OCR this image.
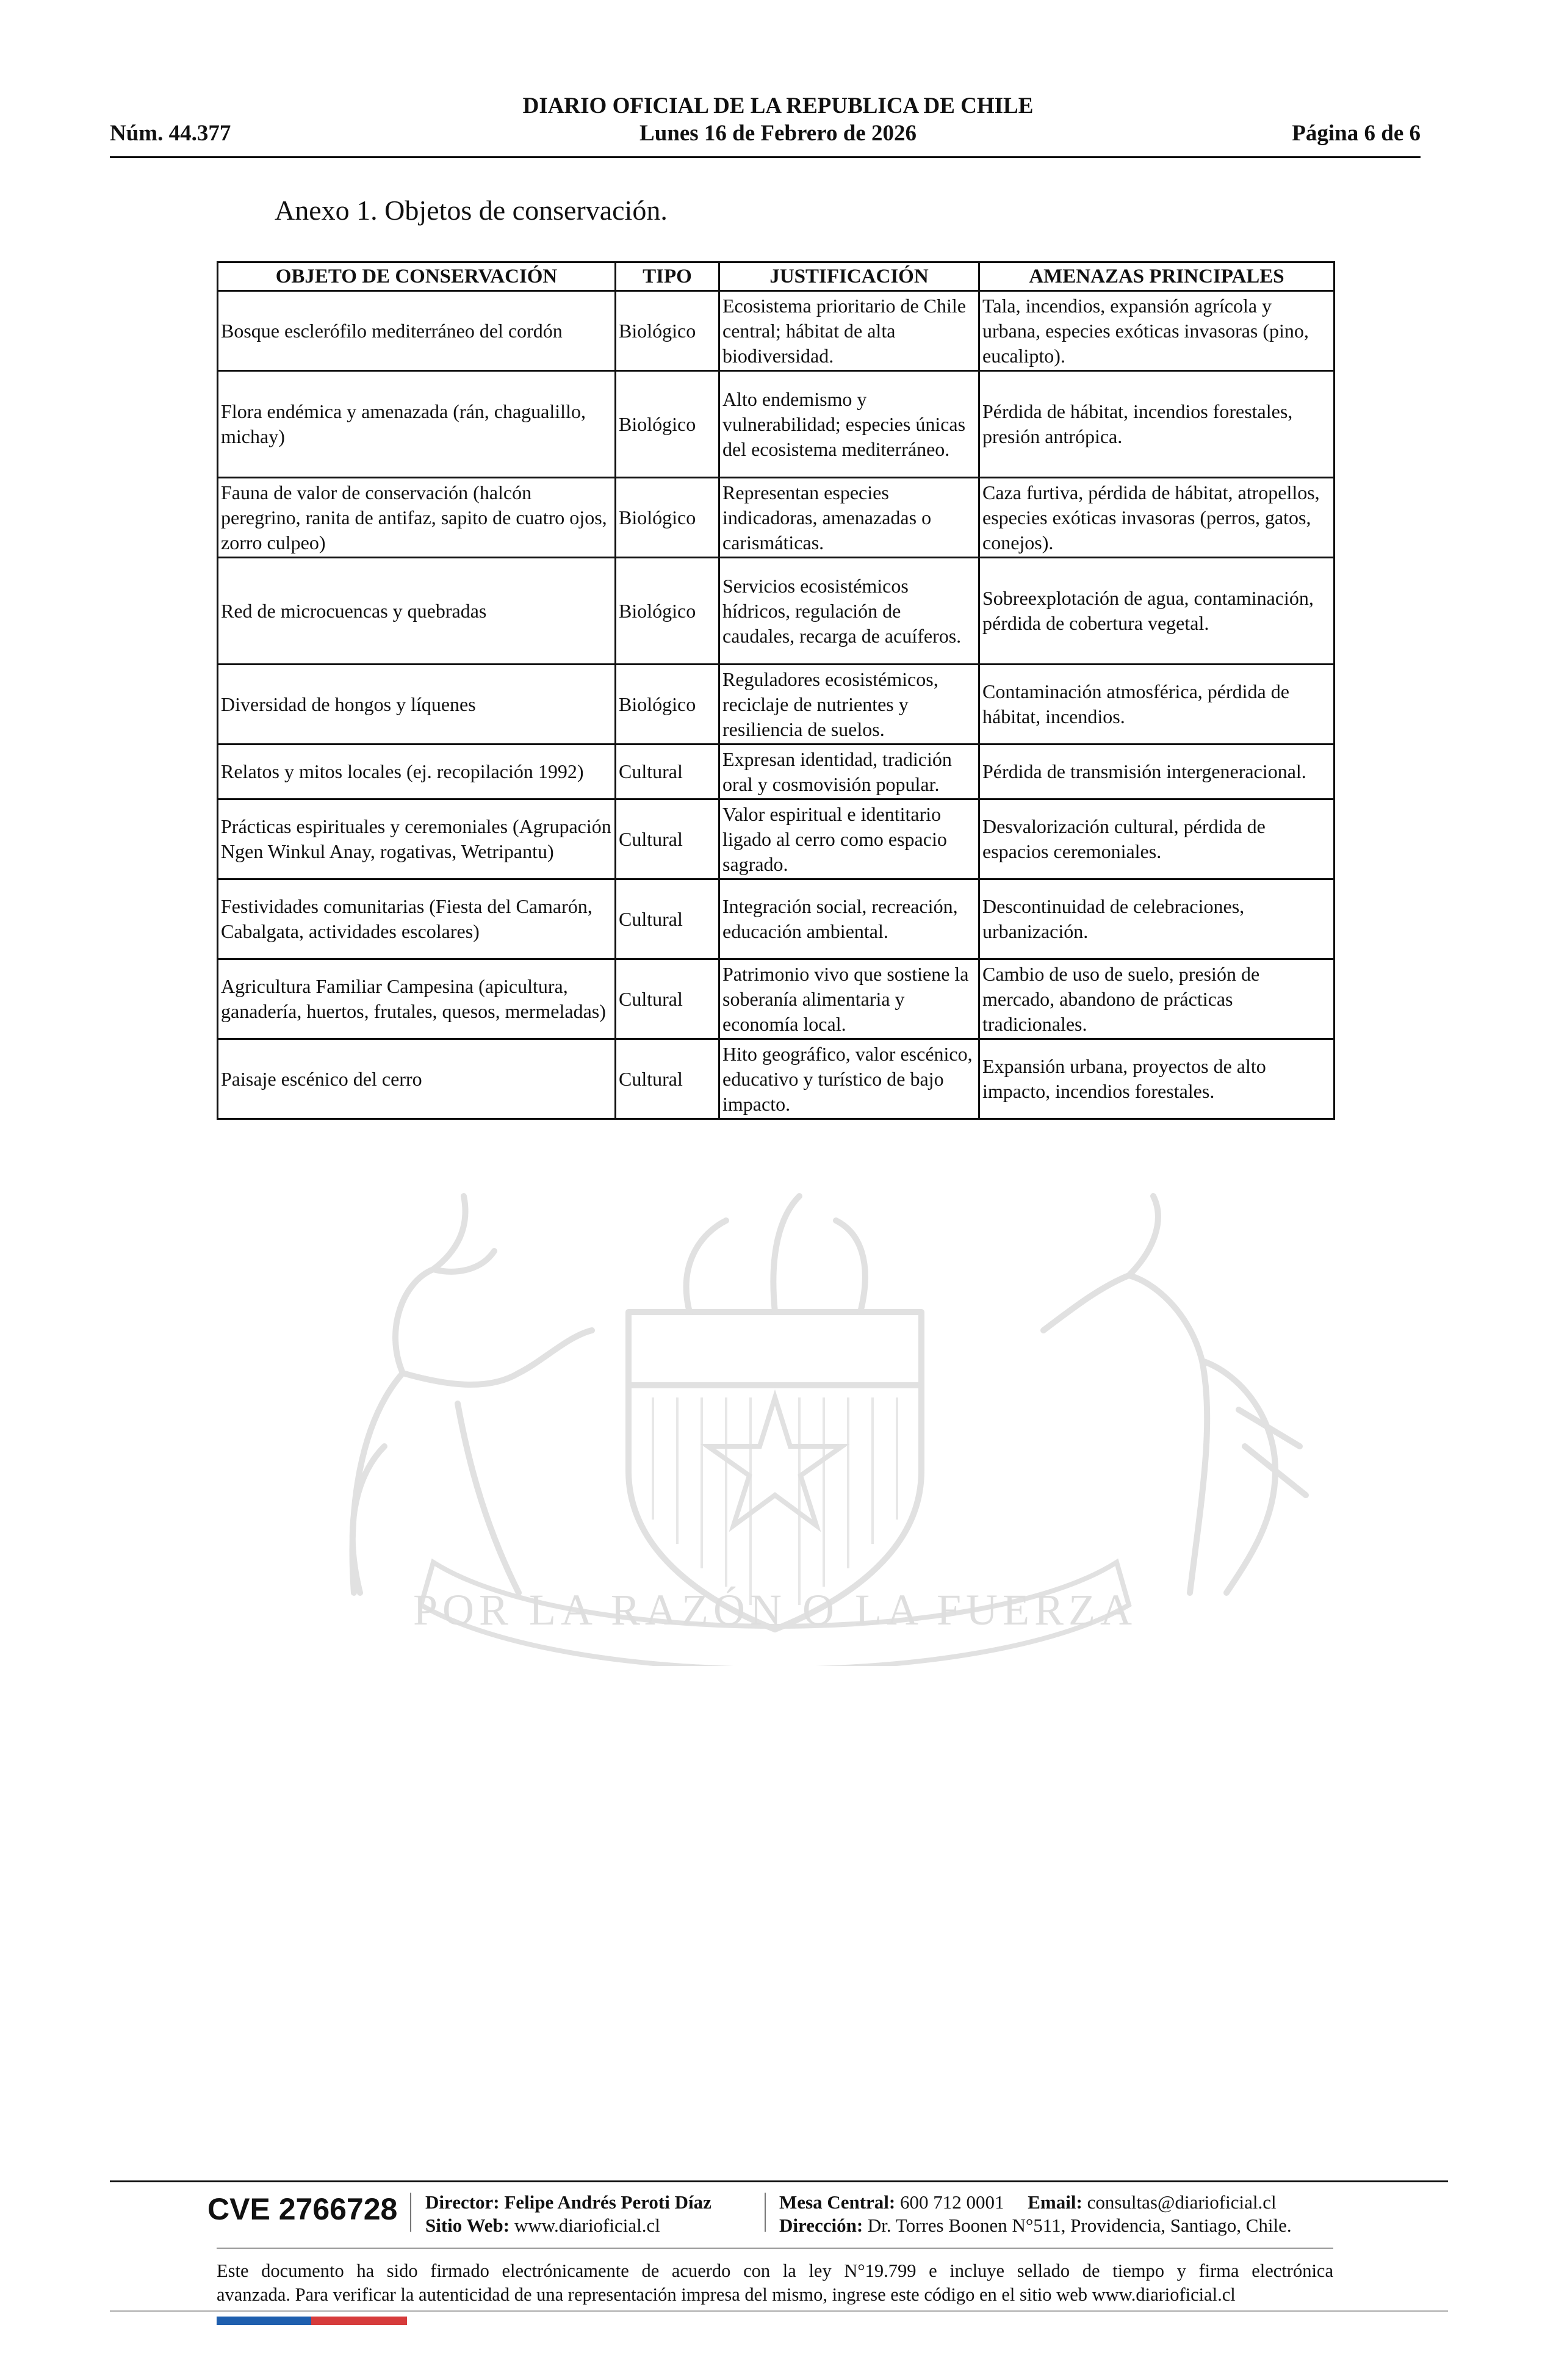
DIARIO OFICIAL DE LA REPUBLICA DE CHILE
Núm. 44.377	Lunes 16 de Febrero de 2026	Página 6 de 6
Anexo 1. Objetos de conservación.
POR LA RAZÓN O LA FUERZA
OBJETO DE CONSERVACIÓN	TIPO	JUSTIFICACIÓN	AMENAZAS PRINCIPALES
Bosque esclerófilo mediterráneo del cordón	Biológico	Ecosistema prioritario de Chile central; hábitat de alta biodiversidad.	Tala, incendios, expansión agrícola y urbana, especies exóticas invasoras (pino, eucalipto).
Flora endémica y amenazada (rán, chagualillo, michay)	Biológico	Alto endemismo y vulnerabilidad; especies únicas del ecosistema mediterráneo.	Pérdida de hábitat, incendios forestales, presión antrópica.
Fauna de valor de conservación (halcón peregrino, ranita de antifaz, sapito de cuatro ojos, zorro culpeo)	Biológico	Representan especies indicadoras, amenazadas o carismáticas.	Caza furtiva, pérdida de hábitat, atropellos, especies exóticas invasoras (perros, gatos, conejos).
Red de microcuencas y quebradas	Biológico	Servicios ecosistémicos hídricos, regulación de caudales, recarga de acuíferos.	Sobreexplotación de agua, contaminación, pérdida de cobertura vegetal.
Diversidad de hongos y líquenes	Biológico	Reguladores ecosistémicos, reciclaje de nutrientes y resiliencia de suelos.	Contaminación atmosférica, pérdida de hábitat, incendios.
Relatos y mitos locales (ej. recopilación 1992)	Cultural	Expresan identidad, tradición oral y cosmovisión popular.	Pérdida de transmisión intergeneracional.
Prácticas espirituales y ceremoniales (Agrupación Ngen Winkul Anay, rogativas, Wetripantu)	Cultural	Valor espiritual e identitario ligado al cerro como espacio sagrado.	Desvalorización cultural, pérdida de espacios ceremoniales.
Festividades comunitarias (Fiesta del Camarón, Cabalgata, actividades escolares)	Cultural	Integración social, recreación, educación ambiental.	Descontinuidad de celebraciones, urbanización.
Agricultura Familiar Campesina (apicultura, ganadería, huertos, frutales, quesos, mermeladas)	Cultural	Patrimonio vivo que sostiene la soberanía alimentaria y economía local.	Cambio de uso de suelo, presión de mercado, abandono de prácticas tradicionales.
Paisaje escénico del cerro	Cultural	Hito geográfico, valor escénico, educativo y turístico de bajo impacto.	Expansión urbana, proyectos de alto impacto, incendios forestales.
CVE 2766728 Director: Felipe Andrés Peroti Díaz
Sitio Web: www.diarioficial.cl
Mesa Central: 600 712 0001 Email: consultas@diarioficial.cl
Dirección: Dr. Torres Boonen N°511, Providencia, Santiago, Chile.
Este documento ha sido firmado electrónicamente de acuerdo con la ley N°19.799 e incluye sellado de tiempo y firma electrónica
avanzada. Para verificar la autenticidad de una representación impresa del mismo, ingrese este código en el sitio web www.diarioficial.cl
